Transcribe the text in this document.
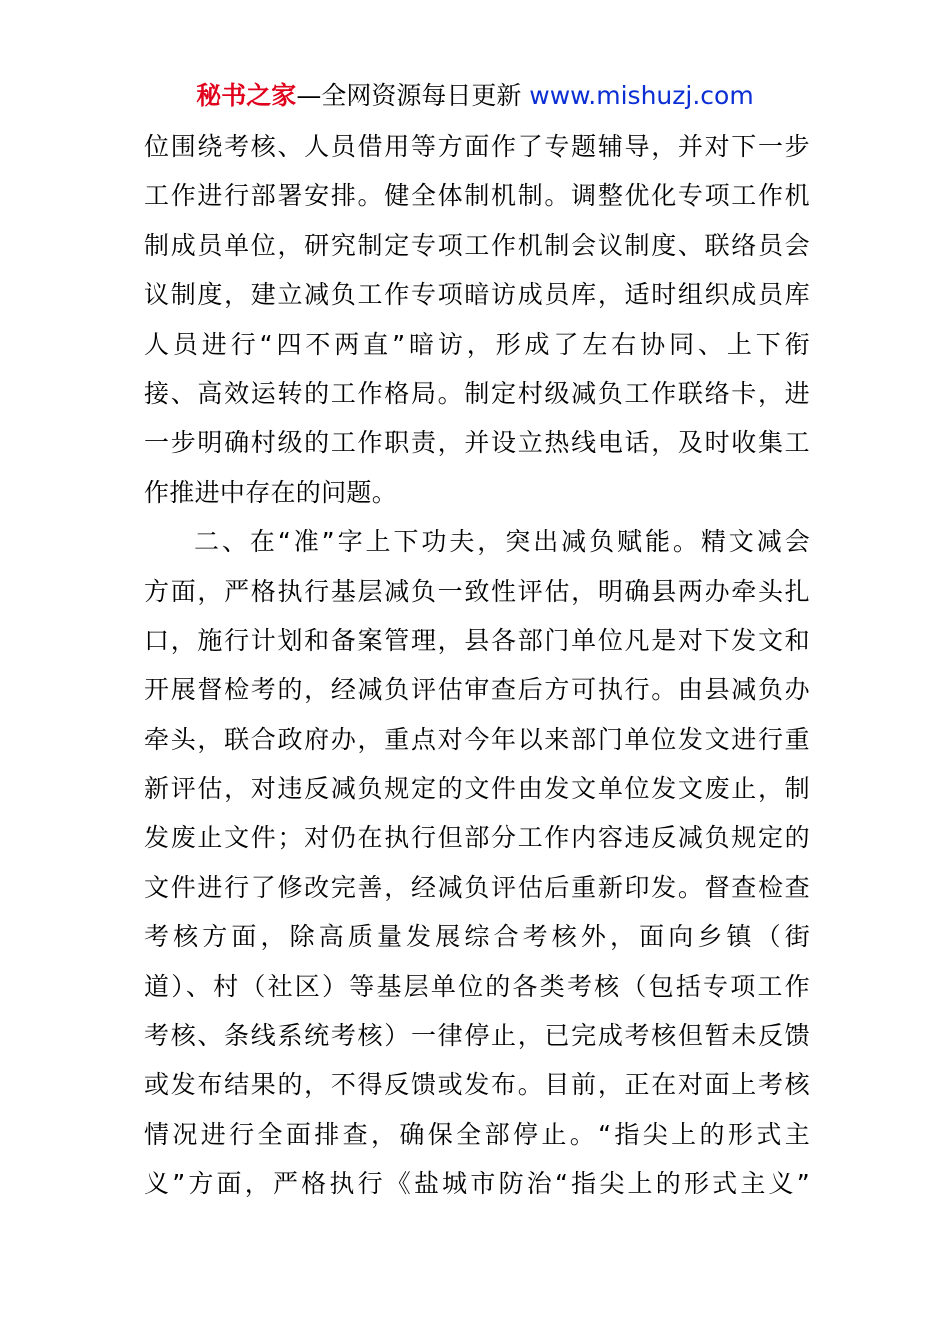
秘书之家—全网资源每日更新 www.mishuzj.com
位围绕考核、人员借用等方面作了专题辅导，并对下一步
工作进行部署安排。健全体制机制。调整优化专项工作机
制成员单位，研究制定专项工作机制会议制度、联络员会
议制度，建立减负工作专项暗访成员库，适时组织成员库
人员进行“四不两直”暗访，形成了左右协同、上下衔
接、高效运转的工作格局。制定村级减负工作联络卡，进
一步明确村级的工作职责，并设立热线电话，及时收集工
作推进中存在的问题。
二、在“准”字上下功夫，突出减负赋能。精文减会
方面，严格执行基层减负一致性评估，明确县两办牵头扎
口，施行计划和备案管理，县各部门单位凡是对下发文和
开展督检考的，经减负评估审查后方可执行。由县减负办
牵头，联合政府办，重点对今年以来部门单位发文进行重
新评估，对违反减负规定的文件由发文单位发文废止，制
发废止文件；对仍在执行但部分工作内容违反减负规定的
文件进行了修改完善，经减负评估后重新印发。督查检查
考核方面，除高质量发展综合考核外，面向乡镇（街
道）、村（社区）等基层单位的各类考核（包括专项工作
考核、条线系统考核）一律停止，已完成考核但暂未反馈
或发布结果的，不得反馈或发布。目前，正在对面上考核
情况进行全面排查，确保全部停止。“指尖上的形式主
义”方面，严格执行《盐城市防治“指尖上的形式主义”
